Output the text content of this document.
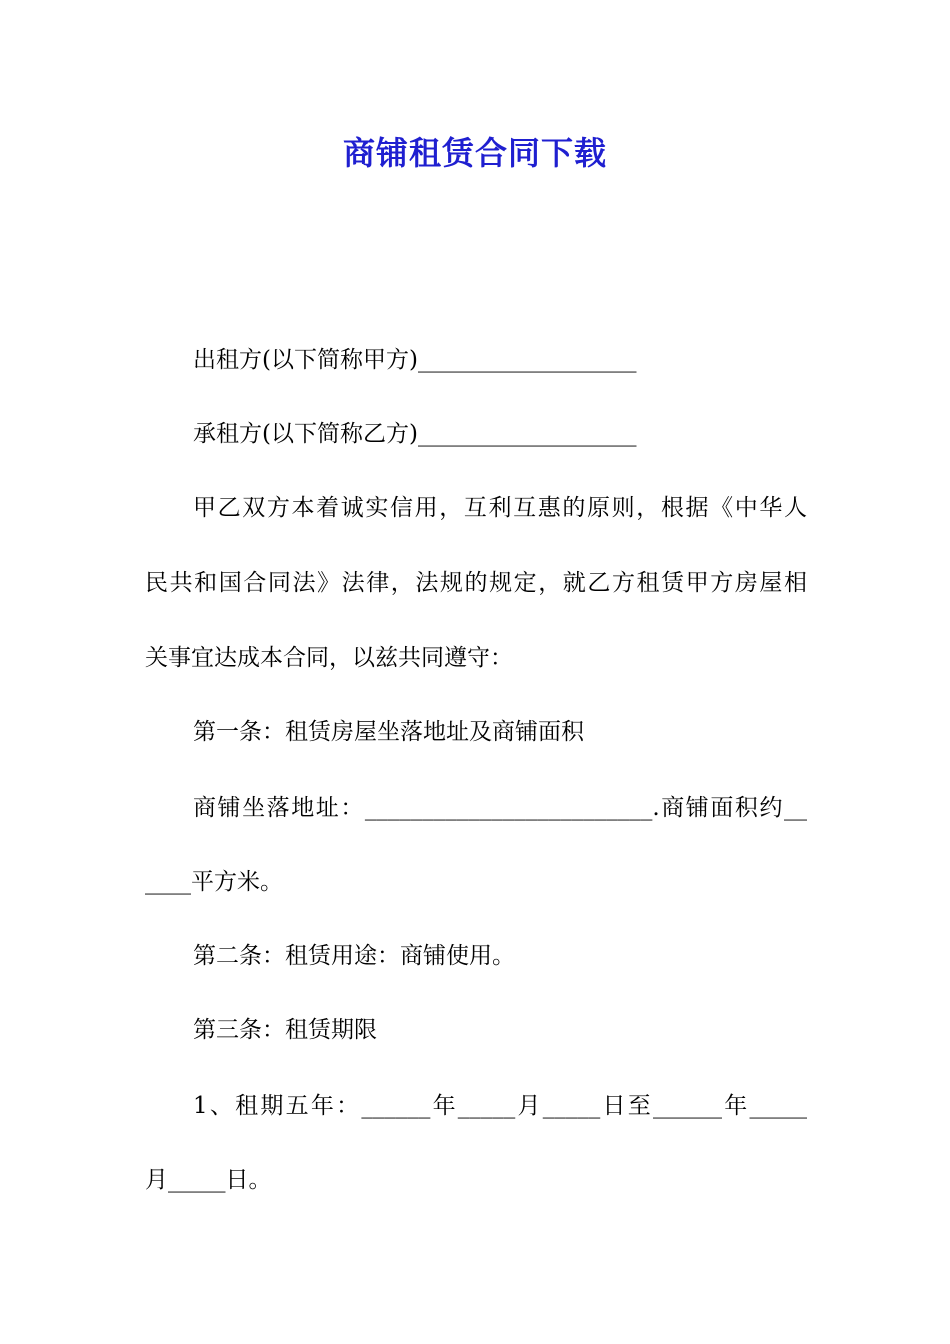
商铺租赁合同下载
出租方(以下简称甲方)___________________
承租方(以下简称乙方)___________________
甲乙双方本着诚实信用，互利互惠的原则，根据《中华人
民共和国合同法》法律，法规的规定，就乙方租赁甲方房屋相
关事宜达成本合同，以兹共同遵守：
第一条：租赁房屋坐落地址及商铺面积
商铺坐落地址：_________________________.商铺面积约__
____平方米。
第二条：租赁用途：商铺使用。
第三条：租赁期限
1、租期五年：______年_____月_____日至______年_____
月_____日。
